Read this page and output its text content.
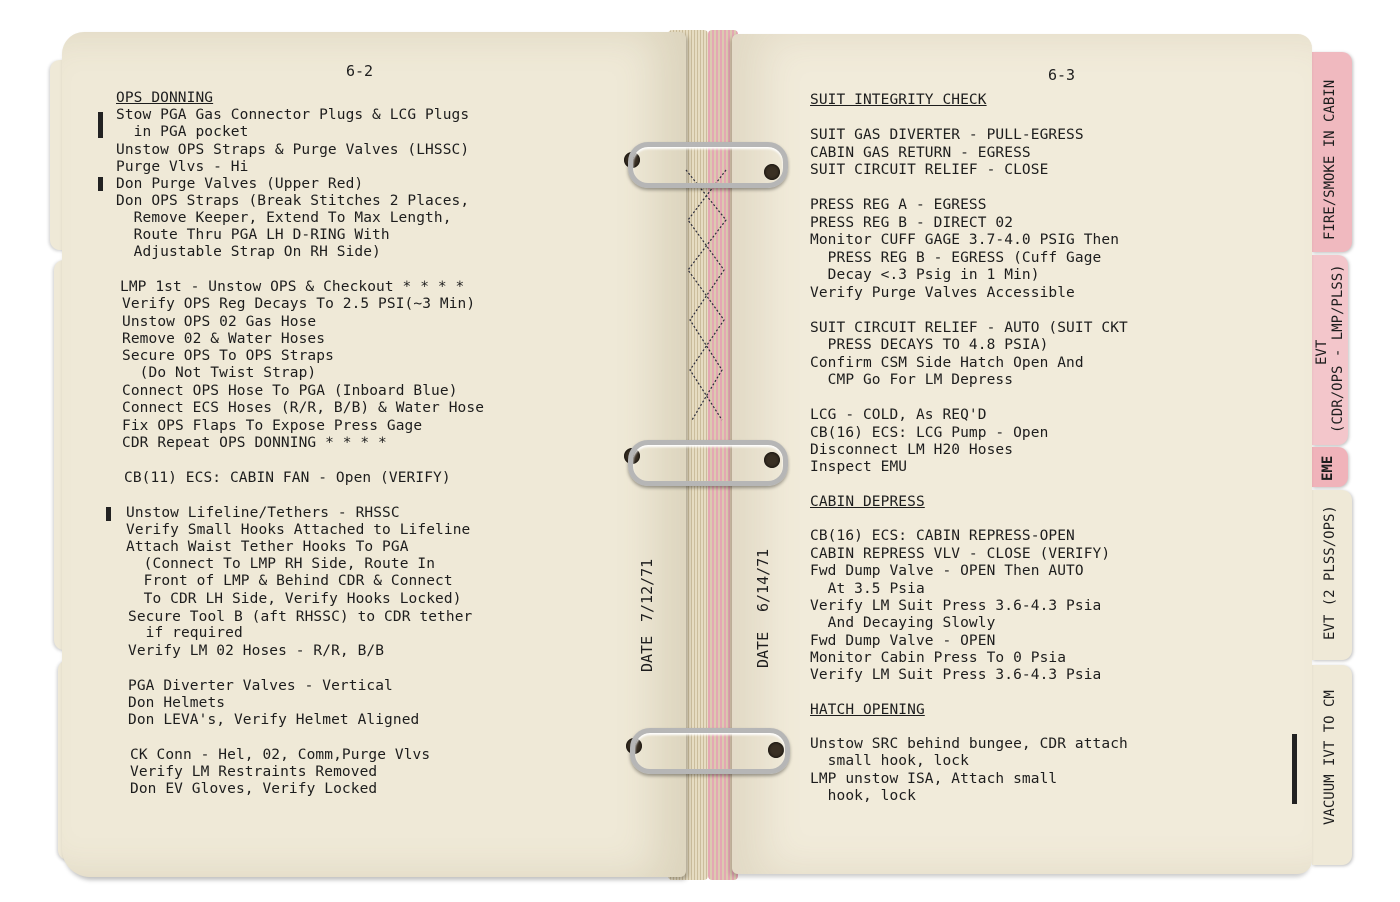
FIRE/SMOKE IN CABIN
EVT (CDR/OPS - LMP/PLSS)
EME
EVT (2 PLSS/OPS)
VACUUM IVT TO CM
6-2
OPS DONNING
Stow PGA Gas Connector Plugs & LCG Plugs
in PGA pocket
Unstow OPS Straps & Purge Valves (LHSSC)
Purge Vlvs - Hi
Don Purge Valves (Upper Red)
Don OPS Straps (Break Stitches 2 Places,
Remove Keeper, Extend To Max Length,
Route Thru PGA LH D-RING With
Adjustable Strap On RH Side)
LMP 1st - Unstow OPS & Checkout * * * *
Verify OPS Reg Decays To 2.5 PSI(~3 Min)
Unstow OPS 02 Gas Hose
Remove 02 & Water Hoses
Secure OPS To OPS Straps
(Do Not Twist Strap)
Connect OPS Hose To PGA (Inboard Blue)
Connect ECS Hoses (R/R, B/B) & Water Hose
Fix OPS Flaps To Expose Press Gage
CDR Repeat OPS DONNING * * * *
CB(11) ECS: CABIN FAN - Open (VERIFY)
Unstow Lifeline/Tethers - RHSSC
Verify Small Hooks Attached to Lifeline
Attach Waist Tether Hooks To PGA
(Connect To LMP RH Side, Route In
Front of LMP & Behind CDR & Connect
To CDR LH Side, Verify Hooks Locked)
Secure Tool B (aft RHSSC) to CDR tether
if required
Verify LM 02 Hoses - R/R, B/B
PGA Diverter Valves - Vertical
Don Helmets
Don LEVA's, Verify Helmet Aligned
CK Conn - Hel, 02, Comm,Purge Vlvs
Verify LM Restraints Removed
Don EV Gloves, Verify Locked
DATE
7/12/71
6-3
DATE
6/14/71
SUIT INTEGRITY CHECK
SUIT GAS DIVERTER - PULL-EGRESS
CABIN GAS RETURN - EGRESS
SUIT CIRCUIT RELIEF - CLOSE
PRESS REG A - EGRESS
PRESS REG B - DIRECT 02
Monitor CUFF GAGE 3.7-4.0 PSIG Then
PRESS REG B - EGRESS (Cuff Gage
Decay <.3 Psig in 1 Min)
Verify Purge Valves Accessible
SUIT CIRCUIT RELIEF - AUTO (SUIT CKT
PRESS DECAYS TO 4.8 PSIA)
Confirm CSM Side Hatch Open And
CMP Go For LM Depress
LCG - COLD, As REQ'D
CB(16) ECS: LCG Pump - Open
Disconnect LM H20 Hoses
Inspect EMU
CABIN DEPRESS
CB(16) ECS: CABIN REPRESS-OPEN
CABIN REPRESS VLV - CLOSE (VERIFY)
Fwd Dump Valve - OPEN Then AUTO
At 3.5 Psia
Verify LM Suit Press 3.6-4.3 Psia
And Decaying Slowly
Fwd Dump Valve - OPEN
Monitor Cabin Press To 0 Psia
Verify LM Suit Press 3.6-4.3 Psia
HATCH OPENING
Unstow SRC behind bungee, CDR attach
small hook, lock
LMP unstow ISA, Attach small
hook, lock
